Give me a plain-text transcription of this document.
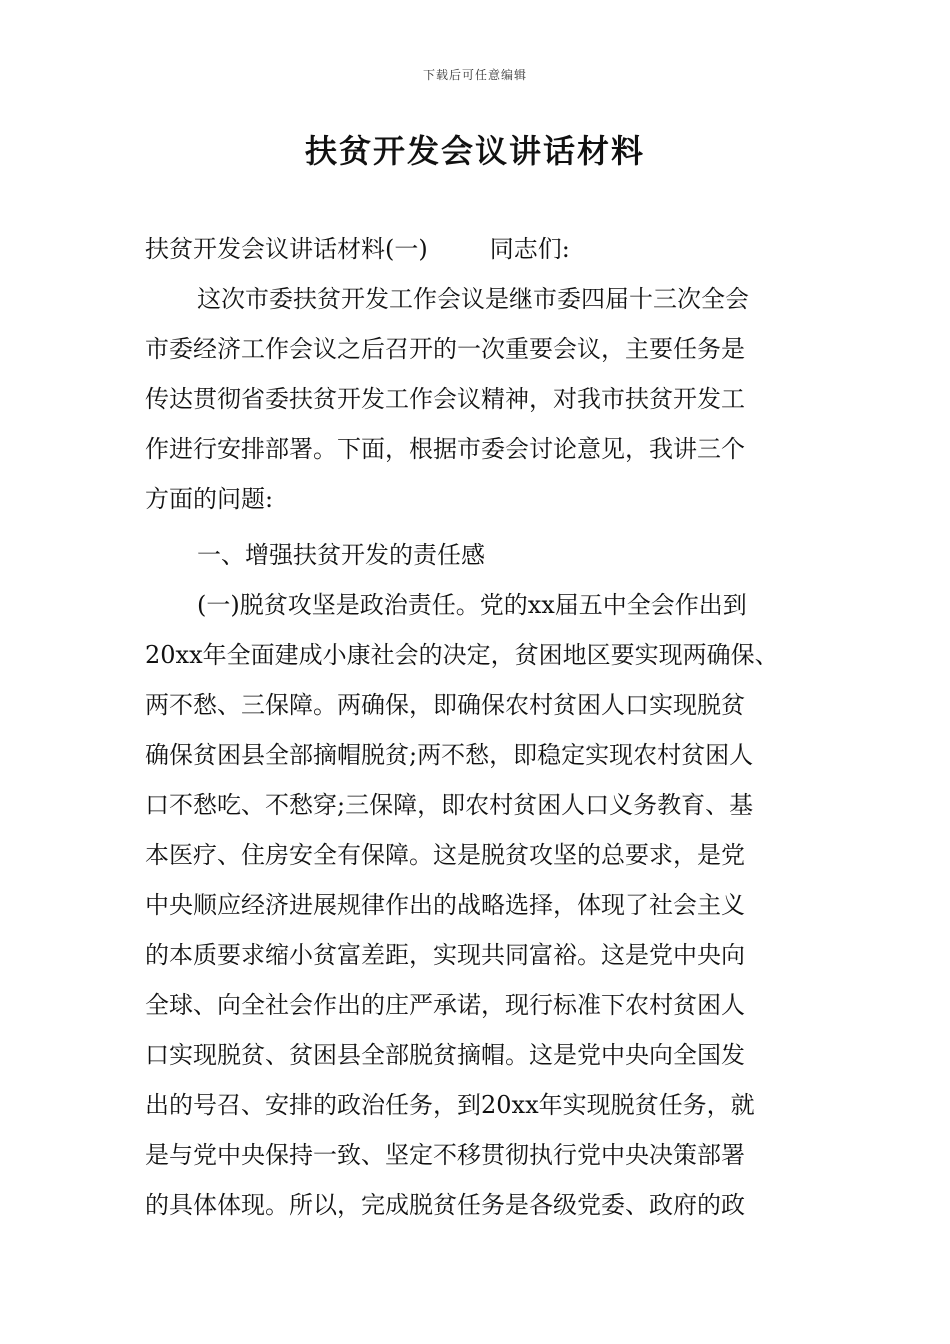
下载后可任意编辑
扶贫开发会议讲话材料
扶贫开发会议讲话材料(一)	同志们:
这次市委扶贫开发工作会议是继市委四届十三次全会
市委经济工作会议之后召开的一次重要会议，主要任务是
传达贯彻省委扶贫开发工作会议精神，对我市扶贫开发工
作进行安排部署。下面，根据市委会讨论意见，我讲三个
方面的问题:
一、增强扶贫开发的责任感
(一)脱贫攻坚是政治责任。党的xx届五中全会作出到
20xx年全面建成小康社会的决定，贫困地区要实现两确保、
两不愁、三保障。两确保，即确保农村贫困人口实现脱贫
确保贫困县全部摘帽脱贫;两不愁，即稳定实现农村贫困人
口不愁吃、不愁穿;三保障，即农村贫困人口义务教育、基
本医疗、住房安全有保障。这是脱贫攻坚的总要求，是党
中央顺应经济进展规律作出的战略选择，体现了社会主义
的本质要求缩小贫富差距，实现共同富裕。这是党中央向
全球、向全社会作出的庄严承诺，现行标准下农村贫困人
口实现脱贫、贫困县全部脱贫摘帽。这是党中央向全国发
出的号召、安排的政治任务，到20xx年实现脱贫任务，就
是与党中央保持一致、坚定不移贯彻执行党中央决策部署
的具体体现。所以，完成脱贫任务是各级党委、政府的政
